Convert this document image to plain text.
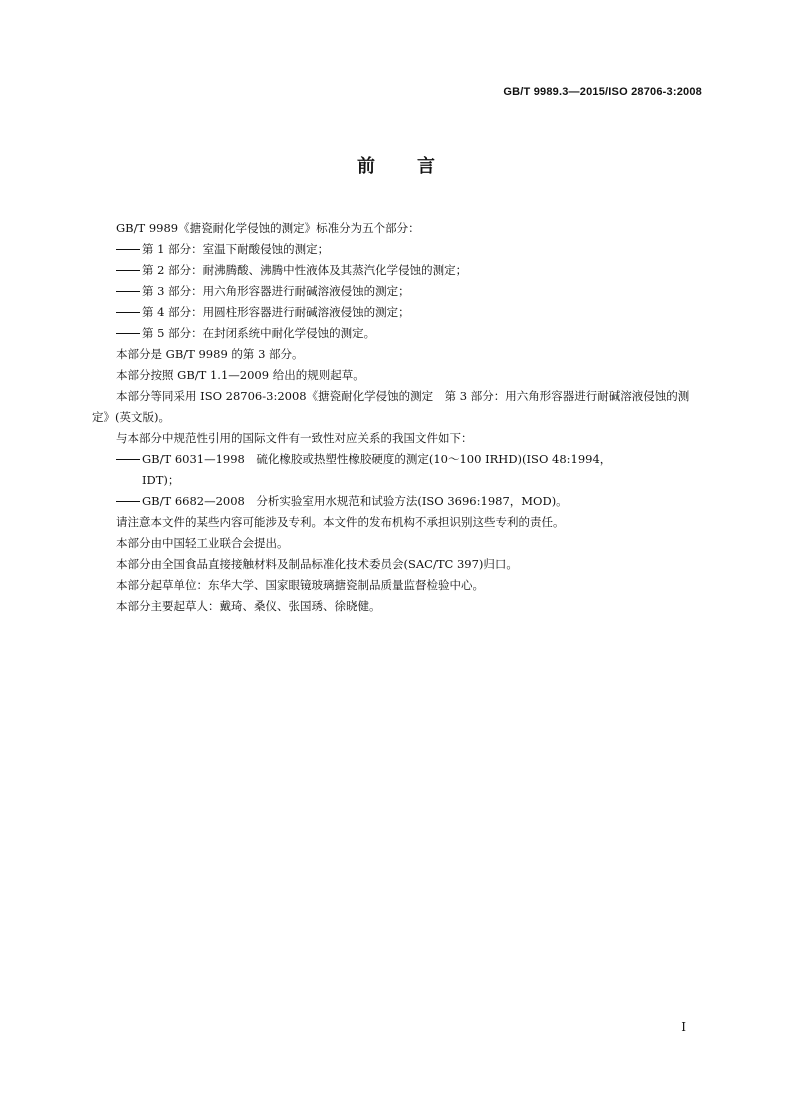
GB/T 9989.3—2015/ISO 28706-3:2008
前言

GB/T 9989《搪瓷耐化学侵蚀的测定》标准分为五个部分：

第 1 部分：室温下耐酸侵蚀的测定；

第 2 部分：耐沸腾酸、沸腾中性液体及其蒸汽化学侵蚀的测定；

第 3 部分：用六角形容器进行耐碱溶液侵蚀的测定；

第 4 部分：用圆柱形容器进行耐碱溶液侵蚀的测定；

第 5 部分：在封闭系统中耐化学侵蚀的测定。

本部分是 GB/T 9989 的第 3 部分。

本部分按照 GB/T 1.1—2009 给出的规则起草。

本部分等同采用 ISO 28706-3:2008《搪瓷耐化学侵蚀的测定　第 3 部分：用六角形容器进行耐碱溶液侵蚀的测定》(英文版)。

与本部分中规范性引用的国际文件有一致性对应关系的我国文件如下：

GB/T 6031—1998　硫化橡胶或热塑性橡胶硬度的测定(10～100 IRHD)(ISO 48:1994，
IDT)；

GB/T 6682—2008　分析实验室用水规范和试验方法(ISO 3696:1987，MOD)。

请注意本文件的某些内容可能涉及专利。本文件的发布机构不承担识别这些专利的责任。

本部分由中国轻工业联合会提出。

本部分由全国食品直接接触材料及制品标准化技术委员会(SAC/TC 397)归口。

本部分起草单位：东华大学、国家眼镜玻璃搪瓷制品质量监督检验中心。

本部分主要起草人：戴琦、桑仪、张国琇、徐晓健。

I
